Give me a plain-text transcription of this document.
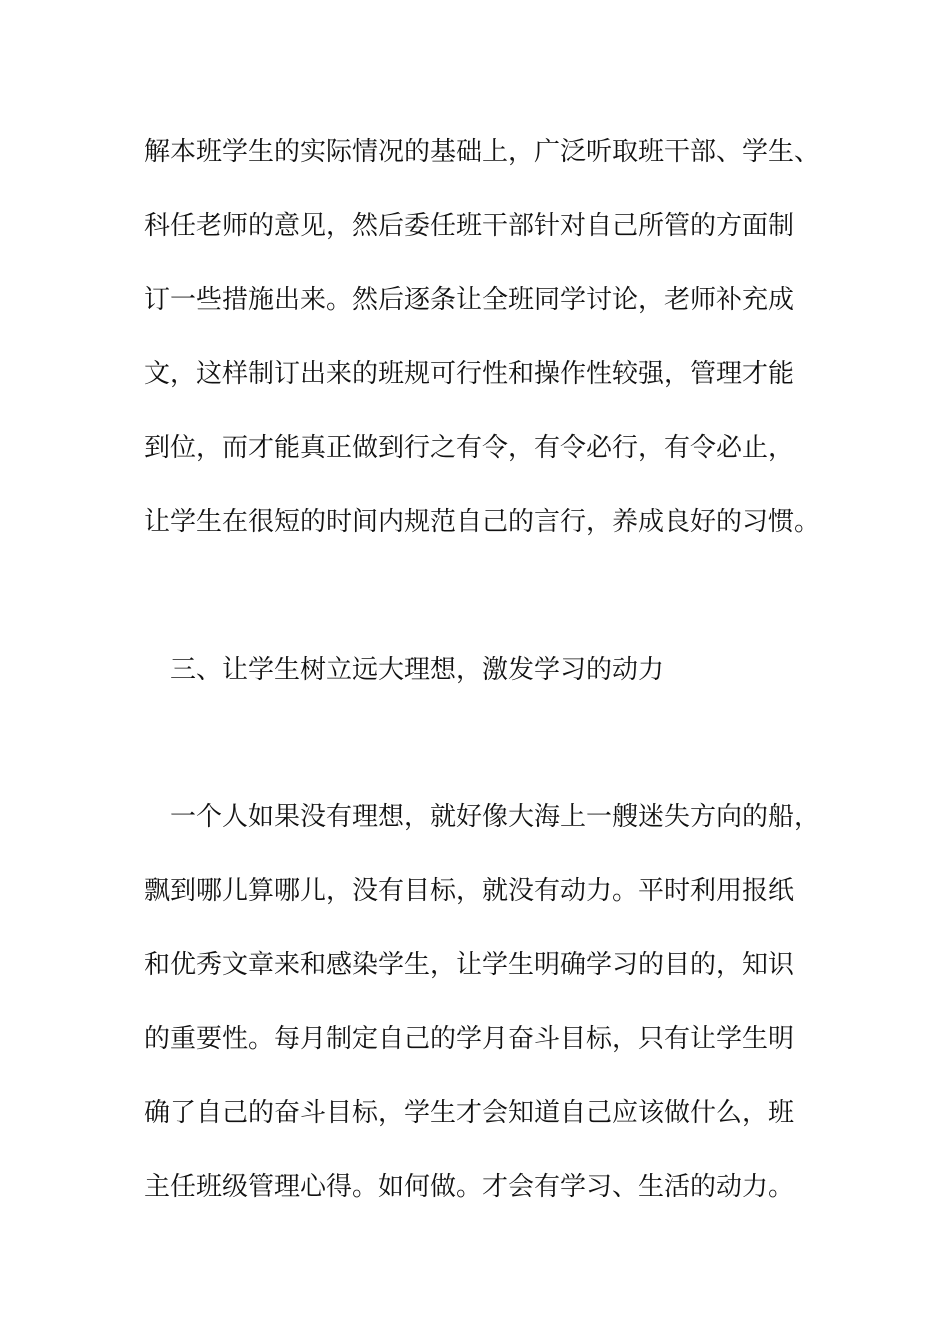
解本班学生的实际情况的基础上，广泛听取班干部、学生、
科任老师的意见，然后委任班干部针对自己所管的方面制
订一些措施出来。然后逐条让全班同学讨论，老师补充成
文，这样制订出来的班规可行性和操作性较强，管理才能
到位，而才能真正做到行之有令，有令必行，有令必止，
让学生在很短的时间内规范自己的言行，养成良好的习惯。
三、让学生树立远大理想，激发学习的动力
一个人如果没有理想，就好像大海上一艘迷失方向的船，
飘到哪儿算哪儿，没有目标，就没有动力。平时利用报纸
和优秀文章来和感染学生，让学生明确学习的目的，知识
的重要性。每月制定自己的学月奋斗目标，只有让学生明
确了自己的奋斗目标，学生才会知道自己应该做什么，班
主任班级管理心得。如何做。才会有学习、生活的动力。
